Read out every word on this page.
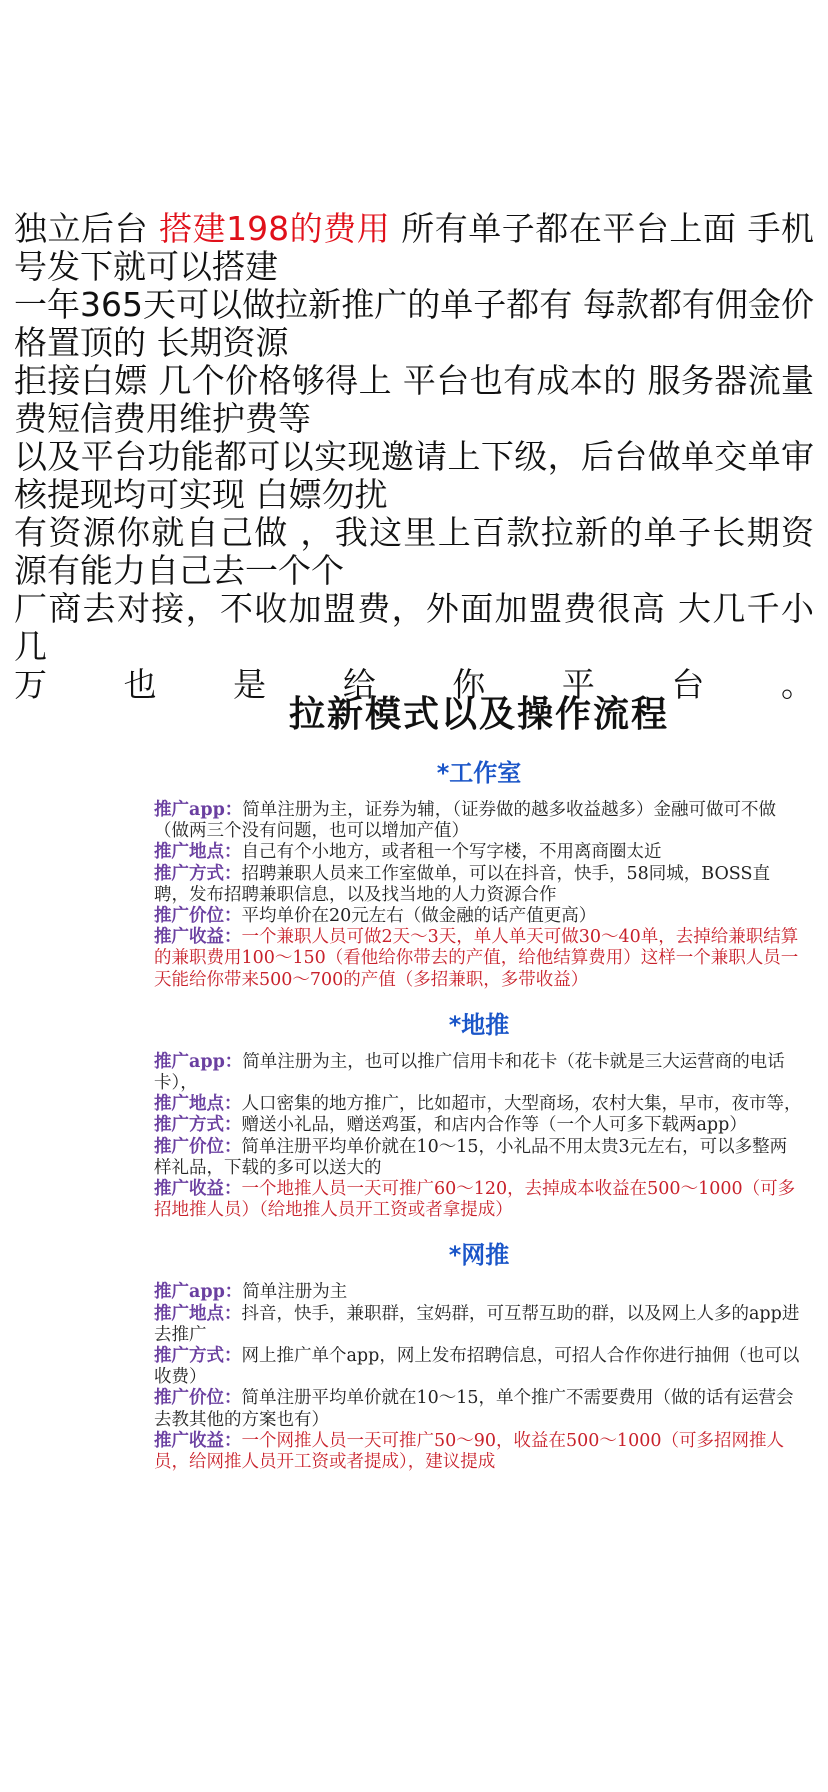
独立后台 搭建198的费用 所有单子都在平台上面 手机号发下就可以搭建

一年365天可以做拉新推广的单子都有 每款都有佣金价格置顶的 长期资源

拒接白嫖 几个价格够得上 平台也有成本的 服务器流量费短信费用维护费等

以及平台功能都可以实现邀请上下级，后台做单交单审核提现均可实现 白嫖勿扰

有资源你就自己做 ，我这里上百款拉新的单子长期资源有能力自己去一个个

厂商去对接，不收加盟费，外面加盟费很高 大几千小几

万 也 是 给 你 平 台 。
拉新模式以及操作流程
*工作室

推广app：简单注册为主，证券为辅，（证券做的越多收益越多）金融可做可不做（做两三个没有问题，也可以增加产值）

推广地点：自己有个小地方，或者租一个写字楼，不用离商圈太近

推广方式：招聘兼职人员来工作室做单，可以在抖音，快手，58同城，BOSS直聘，发布招聘兼职信息，以及找当地的人力资源合作

推广价位：平均单价在20元左右（做金融的话产值更高）

推广收益：一个兼职人员可做2天～3天，单人单天可做30～40单，去掉给兼职结算的兼职费用100～150（看他给你带去的产值，给他结算费用）这样一个兼职人员一天能给你带来500～700的产值（多招兼职，多带收益）

*地推

推广app：简单注册为主，也可以推广信用卡和花卡（花卡就是三大运营商的电话卡），

推广地点：人口密集的地方推广，比如超市，大型商场，农村大集，早市，夜市等，

推广方式：赠送小礼品，赠送鸡蛋，和店内合作等（一个人可多下载两app）

推广价位：简单注册平均单价就在10～15，小礼品不用太贵3元左右，可以多整两样礼品，下载的多可以送大的

推广收益：一个地推人员一天可推广60～120，去掉成本收益在500～1000（可多招地推人员）（给地推人员开工资或者拿提成）

*网推

推广app：简单注册为主

推广地点：抖音，快手，兼职群，宝妈群，可互帮互助的群，以及网上人多的app进去推广

推广方式：网上推广单个app，网上发布招聘信息，可招人合作你进行抽佣（也可以收费）

推广价位：简单注册平均单价就在10～15，单个推广不需要费用（做的话有运营会去教其他的方案也有）

推广收益：一个网推人员一天可推广50～90，收益在500～1000（可多招网推人员，给网推人员开工资或者提成），建议提成
